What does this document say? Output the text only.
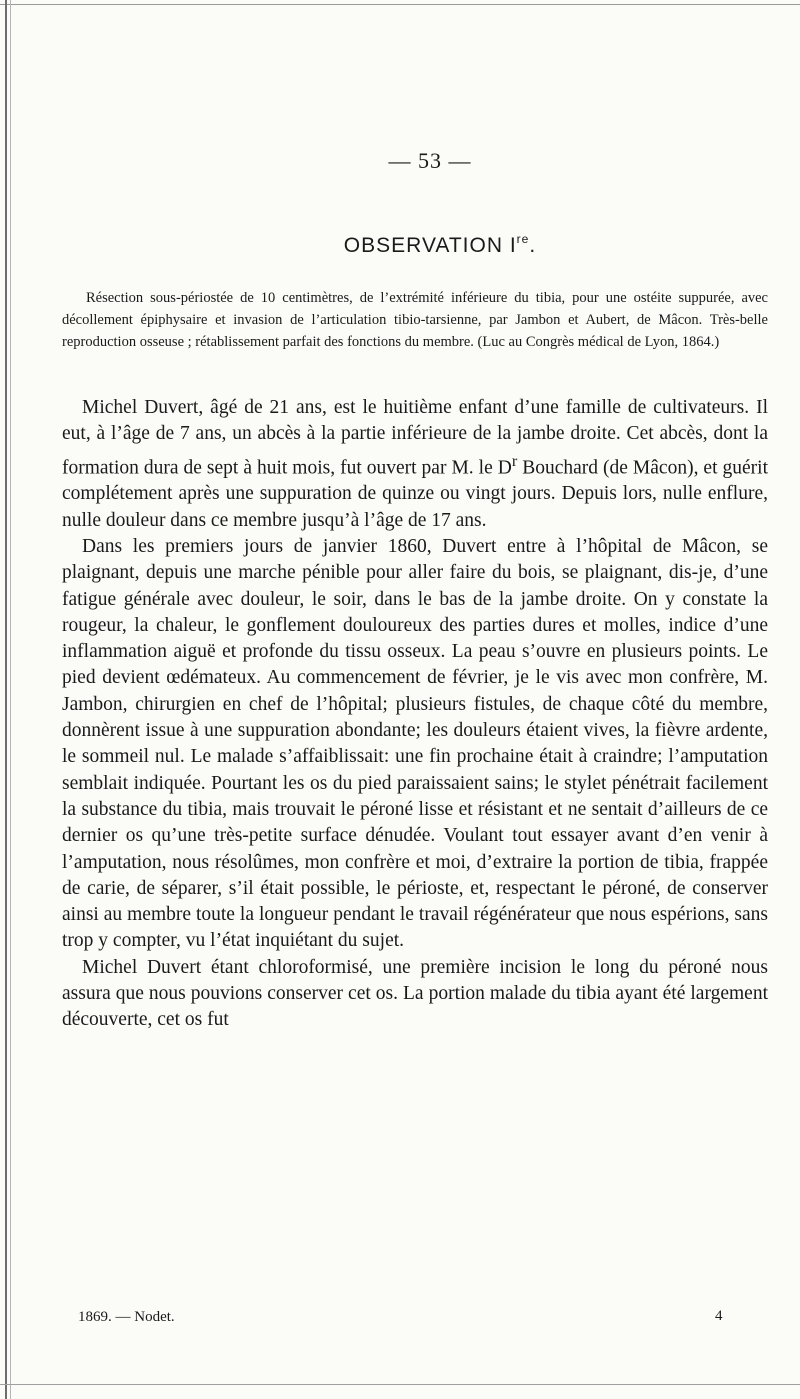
— 53 —
OBSERVATION Ire.

Résection sous-périostée de 10 centimètres, de l’extrémité inférieure du tibia, pour une ostéite suppurée, avec décollement épiphysaire et invasion de l’articulation tibio-tarsienne, par Jambon et Aubert, de Mâcon. Très-belle reproduction osseuse ; rétablissement parfait des fonctions du membre. (Luc au Congrès médical de Lyon, 1864.)

Michel Duvert, âgé de 21 ans, est le huitième enfant d’une famille de cultivateurs. Il eut, à l’âge de 7 ans, un abcès à la partie inférieure de la jambe droite. Cet abcès, dont la formation dura de sept à huit mois, fut ouvert par M. le $D^r$ Bouchard (de Mâcon), et guérit complétement après une suppuration de quinze ou vingt jours. Depuis lors, nulle enflure, nulle douleur dans ce membre jusqu’à l’âge de 17 ans.

Dans les premiers jours de janvier 1860, Duvert entre à l’hôpital de Mâcon, se plaignant, depuis une marche pénible pour aller faire du bois, se plaignant, dis-je, d’une fatigue générale avec douleur, le soir, dans le bas de la jambe droite. On y constate la rougeur, la chaleur, le gonflement douloureux des parties dures et molles, indice d’une inflammation aiguë et profonde du tissu osseux. La peau s’ouvre en plusieurs points. Le pied devient œdémateux. Au commencement de février, je le vis avec mon confrère, M. Jambon, chirurgien en chef de l’hôpital; plusieurs fistules, de chaque côté du membre, donnèrent issue à une suppuration abondante; les douleurs étaient vives, la fièvre ardente, le sommeil nul. Le malade s’affaiblissait: une fin prochaine était à craindre; l’amputation semblait indiquée. Pourtant les os du pied paraissaient sains; le stylet pénétrait facilement la substance du tibia, mais trouvait le péroné lisse et résistant et ne sentait d’ailleurs de ce dernier os qu’une très-petite surface dénudée. Voulant tout essayer avant d’en venir à l’amputation, nous résolûmes, mon confrère et moi, d’extraire la portion de tibia, frappée de carie, de séparer, s’il était possible, le périoste, et, respectant le péroné, de conserver ainsi au membre toute la longueur pendant le travail régénérateur que nous espérions, sans trop y compter, vu l’état inquiétant du sujet.

Michel Duvert étant chloroformisé, une première incision le long du péroné nous assura que nous pouvions conserver cet os. La portion malade du tibia ayant été largement découverte, cet os fut

1869. — Nodet.	4
